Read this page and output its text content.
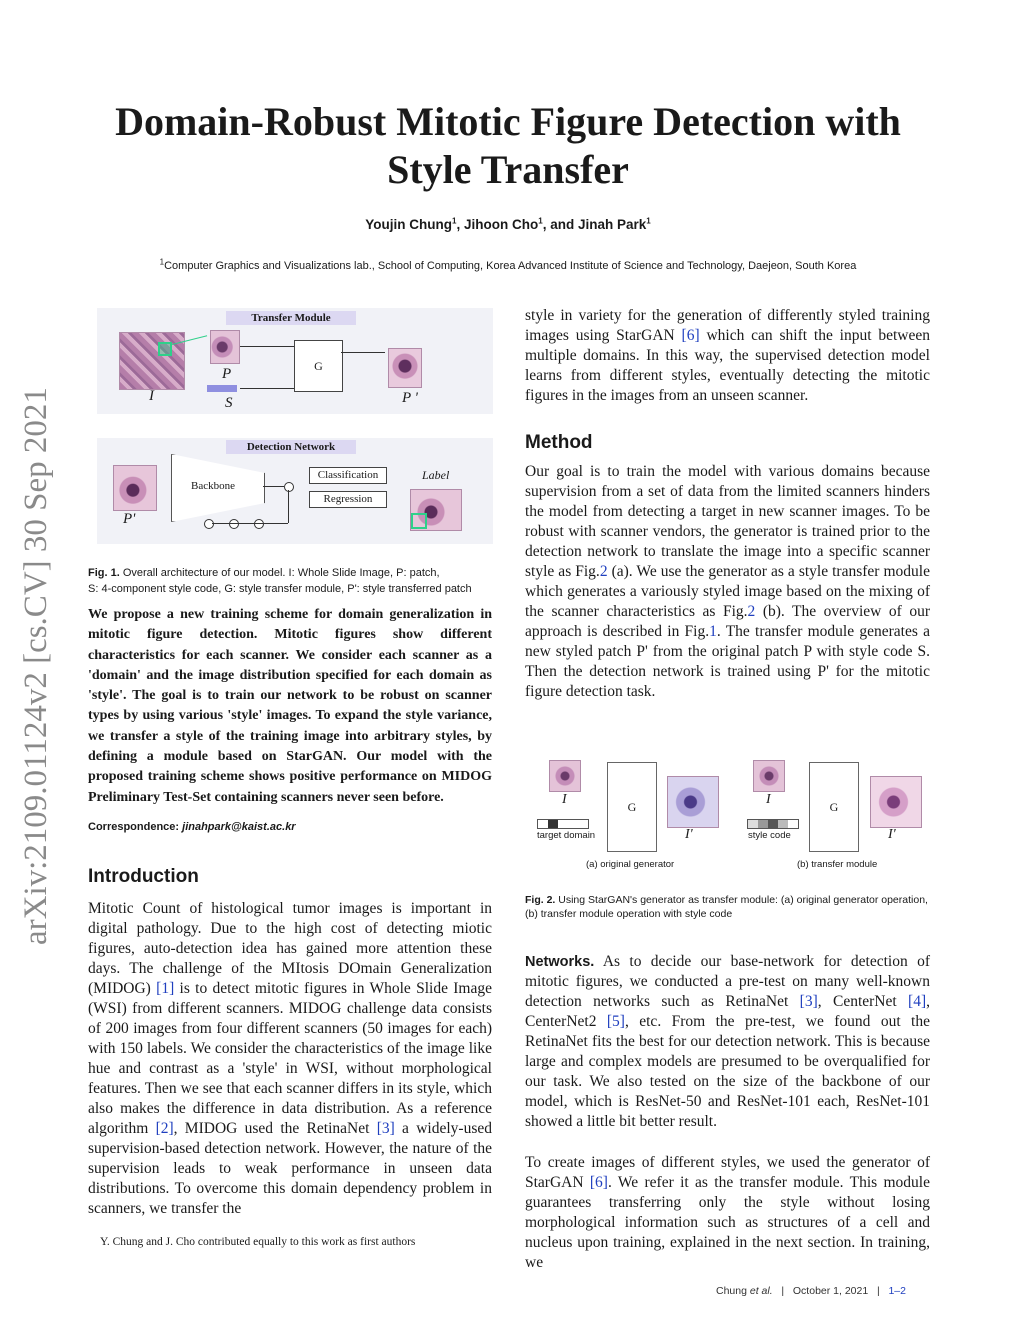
Domain-Robust Mitotic Figure Detection with
Style Transfer
Youjin Chung$^1$, Jihoon Cho$^1$, and Jinah Park$^1$
$^1$Computer Graphics and Visualizations lab., School of Computing, Korea Advanced Institute of Science and Technology, Daejeon, South Korea
arXiv:2109.01124v2 [cs.CV] 30 Sep 2021
Transfer Module
P
S
I
G
P '
Detection Network
P'
Backbone
Classification
Regression
Label
Fig. 1. Overall architecture of our model. I: Whole Slide Image, P: patch,
S: 4-component style code, G: style transfer module, P': style transferred patch
We propose a new training scheme for domain generalization in mitotic figure detection. Mitotic figures show different characteristics for each scanner. We consider each scanner as a 'domain' and the image distribution specified for each domain as 'style'. The goal is to train our network to be robust on scanner types by using various 'style' images. To expand the style variance, we transfer a style of the training image into arbitrary styles, by defining a module based on StarGAN. Our model with the proposed training scheme shows positive performance on MIDOG Preliminary Test-Set containing scanners never seen before.
Correspondence: jinahpark@kaist.ac.kr
Introduction
Mitotic Count of histological tumor images is important in digital pathology. Due to the high cost of detecting miotic figures, auto-detection idea has gained more attention these days. The challenge of the MItosis DOmain Generalization (MIDOG) [1] is to detect mitotic figures in Whole Slide Image (WSI) from different scanners. MIDOG challenge data consists of 200 images from four different scanners (50 images for each) with 150 labels. We consider the characteristics of the image like hue and contrast as a 'style' in WSI, without morphological features. Then we see that each scanner differs in its style, which also makes the difference in data distribution. As a reference algorithm [2], MIDOG used the RetinaNet [3] a widely-used supervision-based detection network. However, the nature of the supervision leads to weak performance in unseen data distributions. To overcome this domain dependency problem in scanners, we transfer the
Y. Chung and J. Cho contributed equally to this work as first authors
style in variety for the generation of differently styled training images using StarGAN [6] which can shift the input between multiple domains. In this way, the supervised detection model learns from different styles, eventually detecting the mitotic figures in the images from an unseen scanner.
Method
Our goal is to train the model with various domains because supervision from a set of data from the limited scanners hinders the model from detecting a target in new scanner images. To be robust with scanner vendors, the generator is trained prior to the detection network to translate the image into a specific scanner style as Fig.2 (a). We use the generator as a style transfer module which generates a variously styled image based on the mixing of the scanner characteristics as Fig.2 (b). The overview of our approach is described in Fig.1. The transfer module generates a new styled patch P' from the original patch P with style code S. Then the detection network is trained using P' for the mitotic figure detection task.
I
target domain
G
I'
(a) original generator
I
style code
G
I'
(b) transfer module
Fig. 2. Using StarGAN's generator as transfer module: (a) original generator operation, (b) transfer module operation with style code
Networks. As to decide our base-network for detection of mitotic figures, we conducted a pre-test on many well-known detection networks such as RetinaNet [3], CenterNet [4], CenterNet2 [5], etc. From the pre-test, we found out the RetinaNet fits the best for our detection network. This is because large and complex models are presumed to be overqualified for our task. We also tested on the size of the backbone of our model, which is ResNet-50 and ResNet-101 each, ResNet-101 showed a little bit better result.
To create images of different styles, we used the generator of StarGAN [6]. We refer it as the transfer module. This module guarantees transferring only the style without losing morphological information such as structures of a cell and nucleus upon training, explained in the next section. In training, we
Chung et al. | October 1, 2021 | 1–2
